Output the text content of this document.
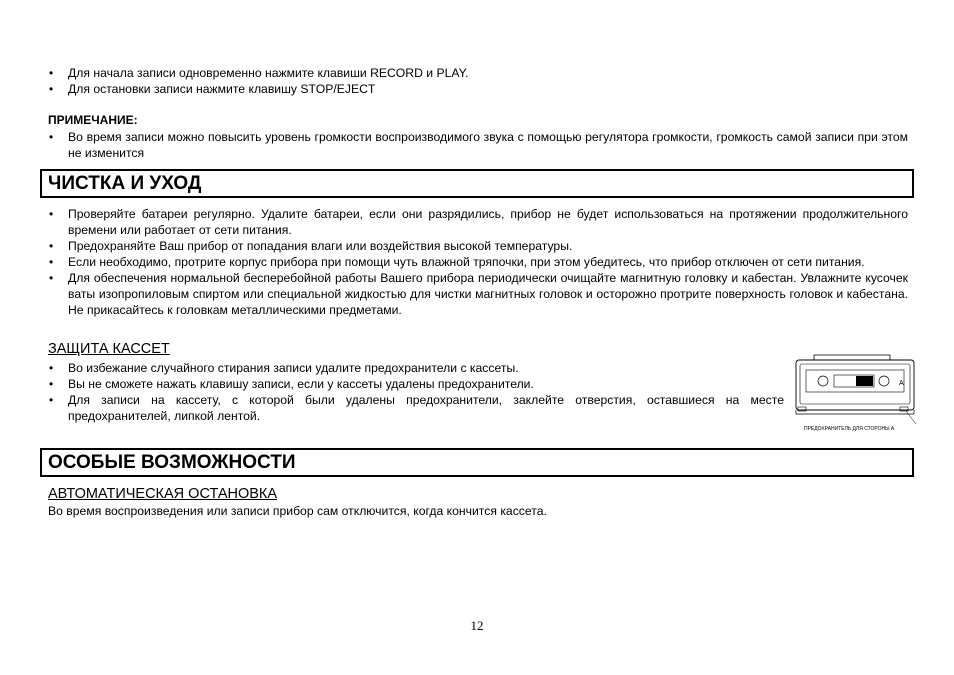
• Для начала записи одновременно нажмите клавиши RECORD и PLAY.
• Для остановки записи нажмите клавишу STOP/EJECT
ПРИМЕЧАНИЕ:
• Во время записи можно повысить уровень громкости воспроизводимого звука с помощью регулятора громкости, громкость самой записи при этом не изменится
ЧИСТКА И УХОД
• Проверяйте батареи регулярно. Удалите батареи, если они разрядились, прибор не будет использоваться на протяжении продолжительного времени или работает от сети питания.
• Предохраняйте Ваш прибор от попадания влаги или воздействия высокой температуры.
• Если необходимо, протрите корпус прибора при помощи чуть влажной тряпочки, при этом убедитесь, что прибор отключен от сети питания.
• Для обеспечения нормальной бесперебойной работы Вашего прибора периодически очищайте магнитную головку и кабестан. Увлажните кусочек ваты изопропиловым спиртом или специальной жидкостью для чистки магнитных головок и осторожно протрите поверхность головок и кабестана. Не прикасайтесь к головкам металлическими предметами.
ЗАЩИТА КАССЕТ
• Во избежание случайного стирания записи удалите предохранители с кассеты.
• Вы не сможете нажать клавишу записи, если у кассеты удалены предохранители.
• Для записи на кассету, с которой были удалены предохранители, заклейте отверстия, оставшиеся на месте предохранителей, липкой лентой.
A
ПРЕДОХРАНИТЕЛЬ ДЛЯ СТОРОНЫ А
ОСОБЫЕ ВОЗМОЖНОСТИ
АВТОМАТИЧЕСКАЯ ОСТАНОВКА
Во время воспроизведения или записи прибор сам отключится, когда кончится кассета.
12
